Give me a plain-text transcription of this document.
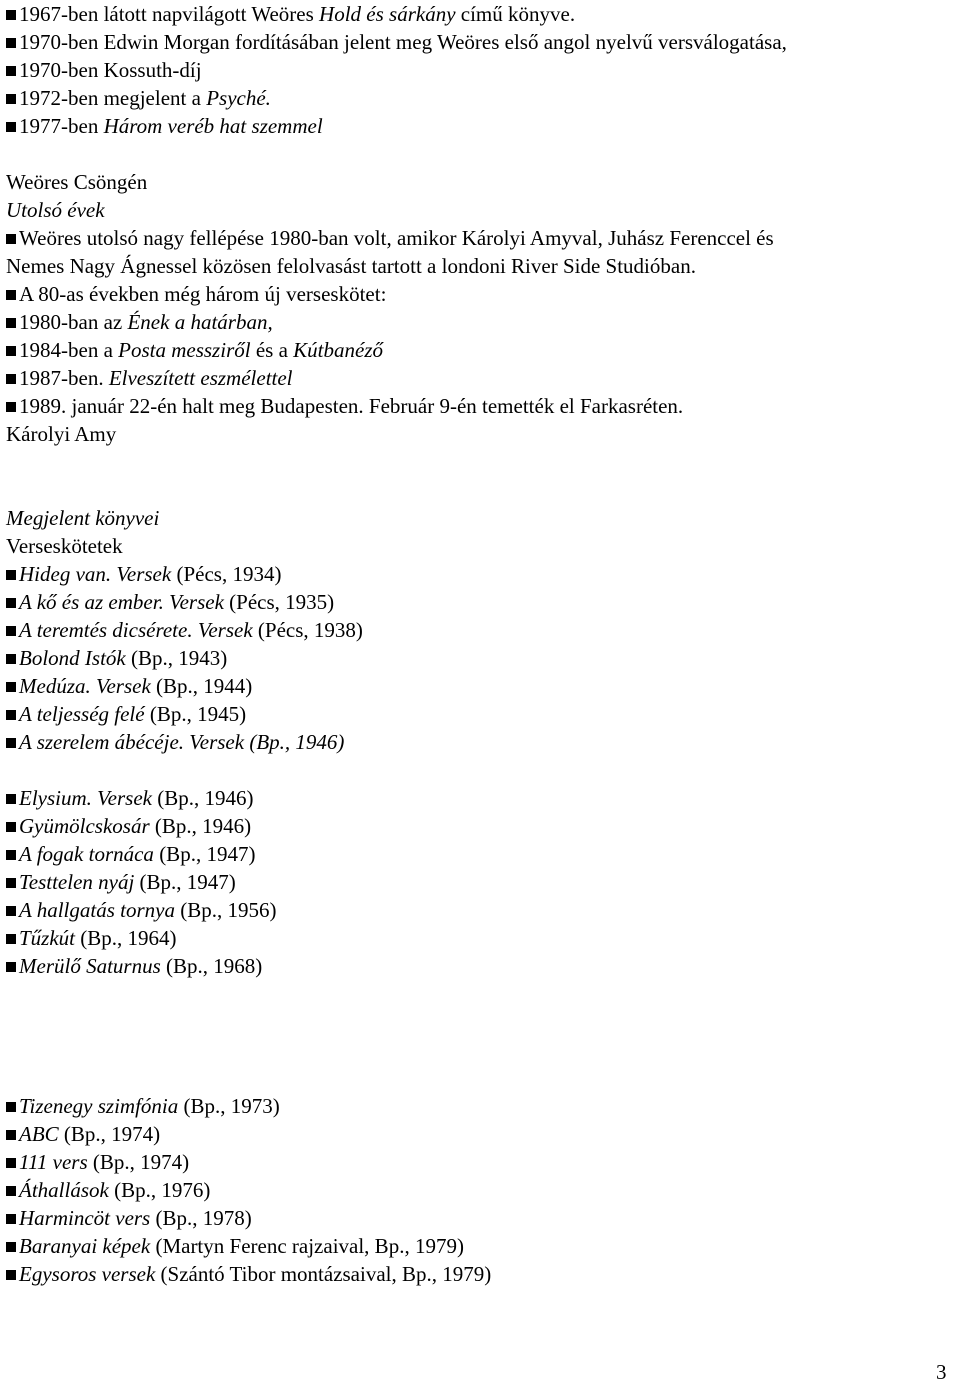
1967-ben látott napvilágott Weöres Hold és sárkány című könyve.
1970-ben Edwin Morgan fordításában jelent meg Weöres első angol nyelvű versválogatása,
1970-ben Kossuth-díj
1972-ben megjelent a Psyché.
1977-ben Három veréb hat szemmel
Weöres Csöngén
Utolsó évek
Weöres utolsó nagy fellépése 1980-ban volt, amikor Károlyi Amyval, Juhász Ferenccel és
Nemes Nagy Ágnessel közösen felolvasást tartott a londoni River Side Studióban.
A 80-as években még három új verseskötet:
1980-ban az Ének a határban,
1984-ben a Posta messziről és a Kútbanéző
1987-ben. Elveszített eszmélettel
1989. január 22-én halt meg Budapesten. Február 9-én temették el Farkasréten.
Károlyi Amy
Megjelent könyvei
Verseskötetek
Hideg van. Versek (Pécs, 1934)
A kő és az ember. Versek (Pécs, 1935)
A teremtés dicsérete. Versek (Pécs, 1938)
Bolond Istók (Bp., 1943)
Medúza. Versek (Bp., 1944)
A teljesség felé (Bp., 1945)
A szerelem ábécéje. Versek (Bp., 1946)
Elysium. Versek (Bp., 1946)
Gyümölcskosár (Bp., 1946)
A fogak tornáca (Bp., 1947)
Testtelen nyáj (Bp., 1947)
A hallgatás tornya (Bp., 1956)
Tűzkút (Bp., 1964)
Merülő Saturnus (Bp., 1968)
Tizenegy szimfónia (Bp., 1973)
ABC (Bp., 1974)
111 vers (Bp., 1974)
Áthallások (Bp., 1976)
Harmincöt vers (Bp., 1978)
Baranyai képek (Martyn Ferenc rajzaival, Bp., 1979)
Egysoros versek (Szántó Tibor montázsaival, Bp., 1979)
3
